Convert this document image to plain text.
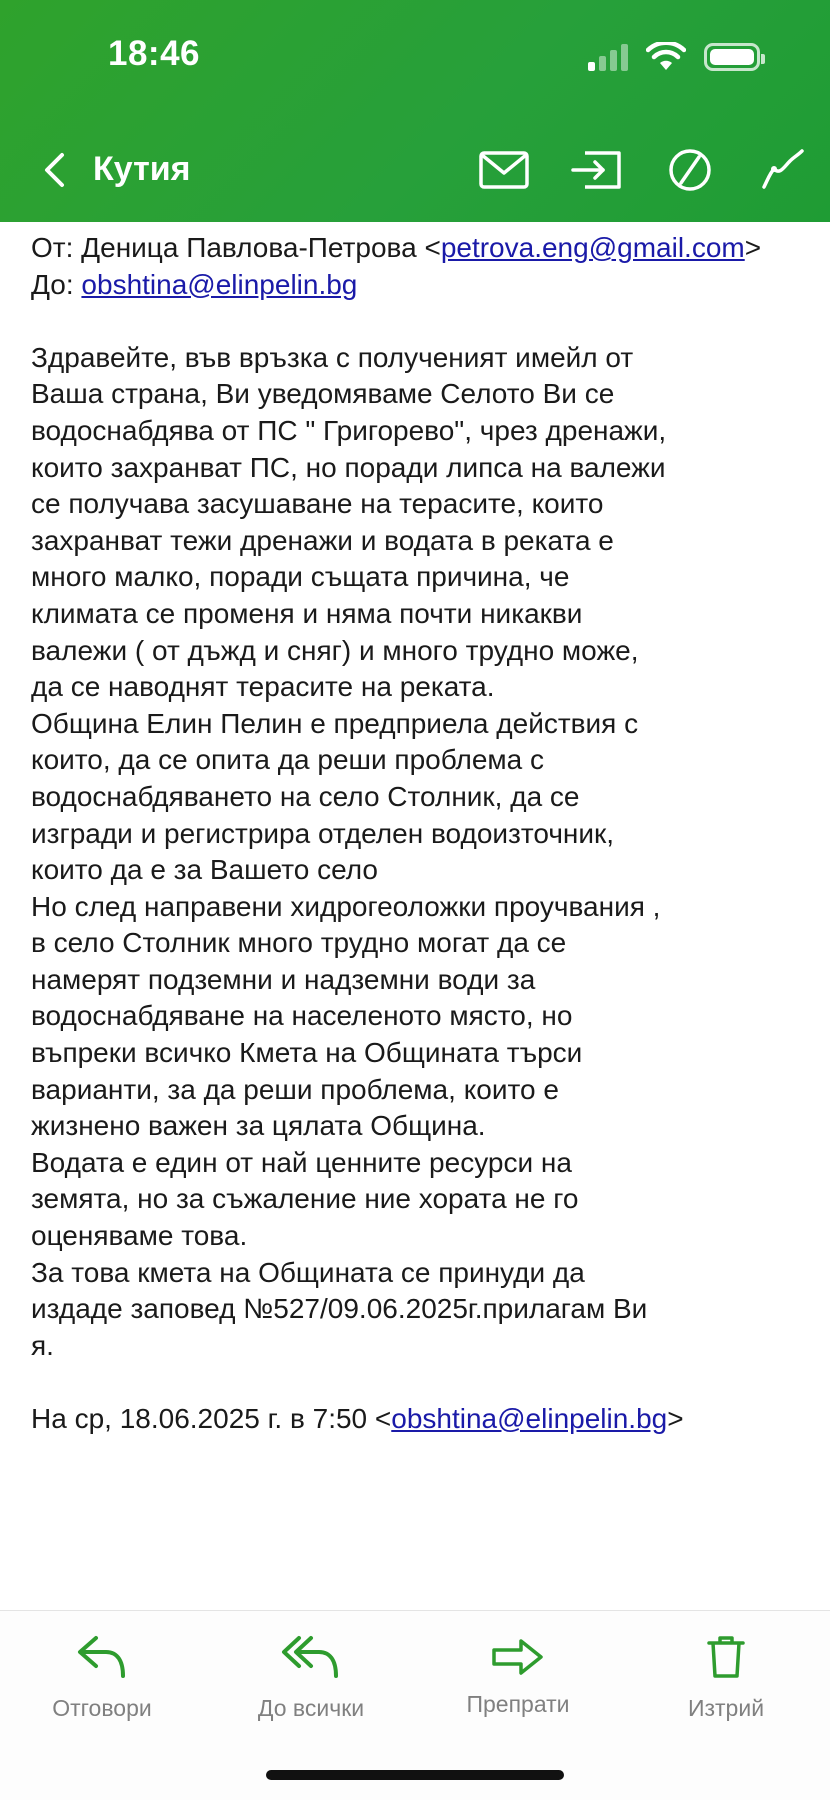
18:46
Кутия
От: Деница Павлова-Петрова <petrova.eng@gmail.com>
До: obshtina@elinpelin.bg
Здравейте, във връзка с полученият имейл от Ваша страна, Ви уведомяваме Селото Ви се водоснабдява от ПС " Григорево", чрез дренажи, които захранват ПС, но поради липса на валежи се получава засушаване на терасите, които захранват тежи дренажи и водата в реката е много малко, поради същата причина, че климата се променя и няма почти никакви валежи ( от дъжд и сняг) и много трудно може, да се наводнят терасите на реката.
Община Елин Пелин е предприела действия с които, да се опита да реши проблема с водоснабдяването на село Столник, да се изгради и регистрира отделен водоизточник, които да е за Вашето село
Но след направени хидрогеоложки проучвания , в село Столник много трудно могат да се намерят подземни и надземни води за водоснабдяване на населеното място, но въпреки всичко Кмета на Общината търси варианти, за да реши проблема, които е жизнено важен за цялата Община.
Водата е един от най ценните ресурси на земята, но за съжаление ние хората не го оценяваме това.
За това кмета на Общината се принуди да издаде заповед №527/09.06.2025г.прилагам Ви я.
На ср, 18.06.2025 г. в 7:50 <obshtina@elinpelin.bg>
Отговори	До всички	Препрати	Изтрий
